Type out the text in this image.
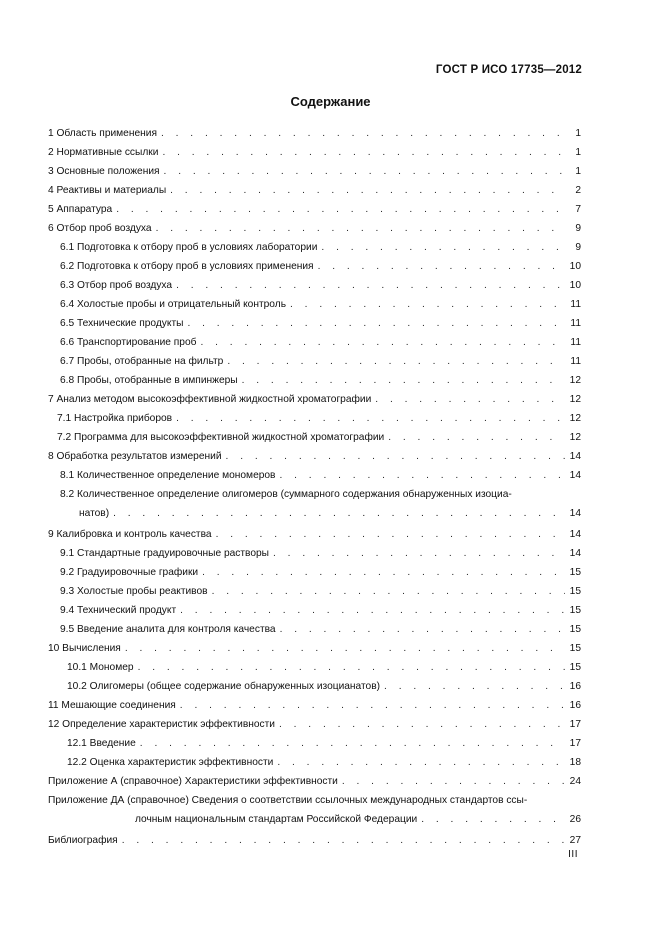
ГОСТ Р ИСО 17735—2012
Содержание
1 Область применения . . .	1
2 Нормативные ссылки . . .	1
3 Основные положения . . .	1
4 Реактивы и материалы . . .	2
5 Аппаратура . . .	7
6 Отбор проб воздуха . . .	9
6.1 Подготовка к отбору проб в условиях лаборатории . . .	9
6.2 Подготовка к отбору проб в условиях применения . . .	10
6.3 Отбор проб воздуха . . .	10
6.4 Холостые пробы и отрицательный контроль . . .	11
6.5 Технические продукты . . .	11
6.6 Транспортирование проб . . .	11
6.7 Пробы, отобранные на фильтр . . .	11
6.8 Пробы, отобранные в импинжеры . . .	12
7 Анализ методом высокоэффективной жидкостной хроматографии . . .	12
7.1 Настройка приборов . . .	12
7.2 Программа для высокоэффективной жидкостной хроматографии . . .	12
8 Обработка результатов измерений . . .	14
8.1 Количественное определение мономеров . . .	14
8.2 Количественное определение олигомеров (суммарного содержания обнаруженных изоциа-
натов) . . .	14
9 Калибровка и контроль качества . . .	14
9.1 Стандартные градуировочные растворы . . .	14
9.2 Градуировочные графики . . .	15
9.3 Холостые пробы реактивов . . .	15
9.4 Технический продукт . . .	15
9.5 Введение аналита для контроля качества . . .	15
10 Вычисления . . .	15
10.1 Мономер . . .	15
10.2 Олигомеры (общее содержание обнаруженных изоцианатов) . . .	16
11 Мешающие соединения . . .	16
12 Определение характеристик эффективности . . .	17
12.1 Введение . . .	17
12.2 Оценка характеристик эффективности . . .	18
Приложение А (справочное) Характеристики эффективности . . .	24
Приложение ДА (справочное) Сведения о соответствии ссылочных международных стандартов ссы-
лочным национальным стандартам Российской Федерации . . .	26
Библиография . . .	27
III
